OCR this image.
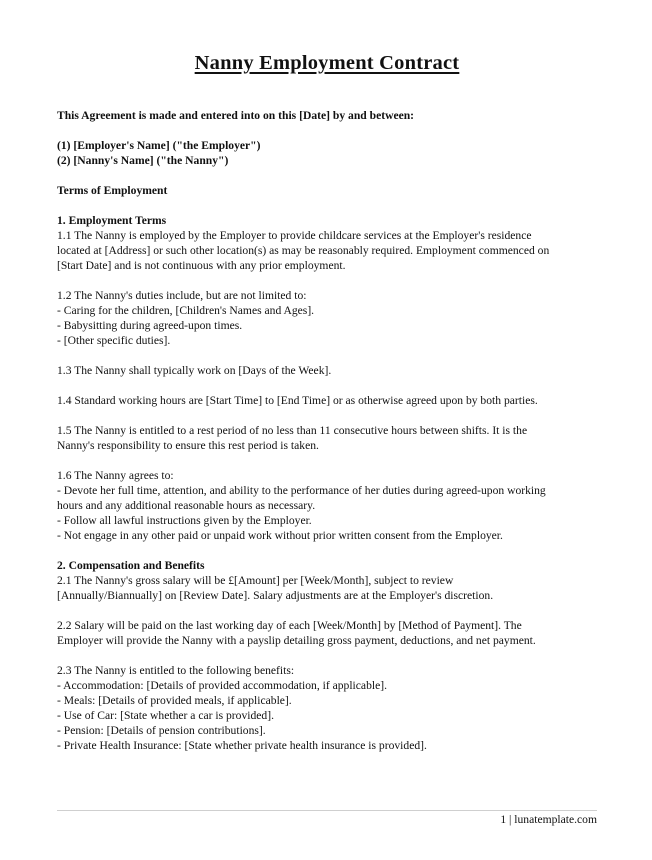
Nanny Employment Contract
This Agreement is made and entered into on this [Date] by and between:
(1) [Employer's Name] ("the Employer")
(2) [Nanny's Name] ("the Nanny")
Terms of Employment
1. Employment Terms
1.1 The Nanny is employed by the Employer to provide childcare services at the Employer's residence
located at [Address] or such other location(s) as may be reasonably required. Employment commenced on
[Start Date] and is not continuous with any prior employment.
1.2 The Nanny's duties include, but are not limited to:
- Caring for the children, [Children's Names and Ages].
- Babysitting during agreed-upon times.
- [Other specific duties].
1.3 The Nanny shall typically work on [Days of the Week].
1.4 Standard working hours are [Start Time] to [End Time] or as otherwise agreed upon by both parties.
1.5 The Nanny is entitled to a rest period of no less than 11 consecutive hours between shifts. It is the
Nanny's responsibility to ensure this rest period is taken.
1.6 The Nanny agrees to:
- Devote her full time, attention, and ability to the performance of her duties during agreed-upon working
hours and any additional reasonable hours as necessary.
- Follow all lawful instructions given by the Employer.
- Not engage in any other paid or unpaid work without prior written consent from the Employer.
2. Compensation and Benefits
2.1 The Nanny's gross salary will be £[Amount] per [Week/Month], subject to review
[Annually/Biannually] on [Review Date]. Salary adjustments are at the Employer's discretion.
2.2 Salary will be paid on the last working day of each [Week/Month] by [Method of Payment]. The
Employer will provide the Nanny with a payslip detailing gross payment, deductions, and net payment.
2.3 The Nanny is entitled to the following benefits:
- Accommodation: [Details of provided accommodation, if applicable].
- Meals: [Details of provided meals, if applicable].
- Use of Car: [State whether a car is provided].
- Pension: [Details of pension contributions].
- Private Health Insurance: [State whether private health insurance is provided].
1 | lunatemplate.com
